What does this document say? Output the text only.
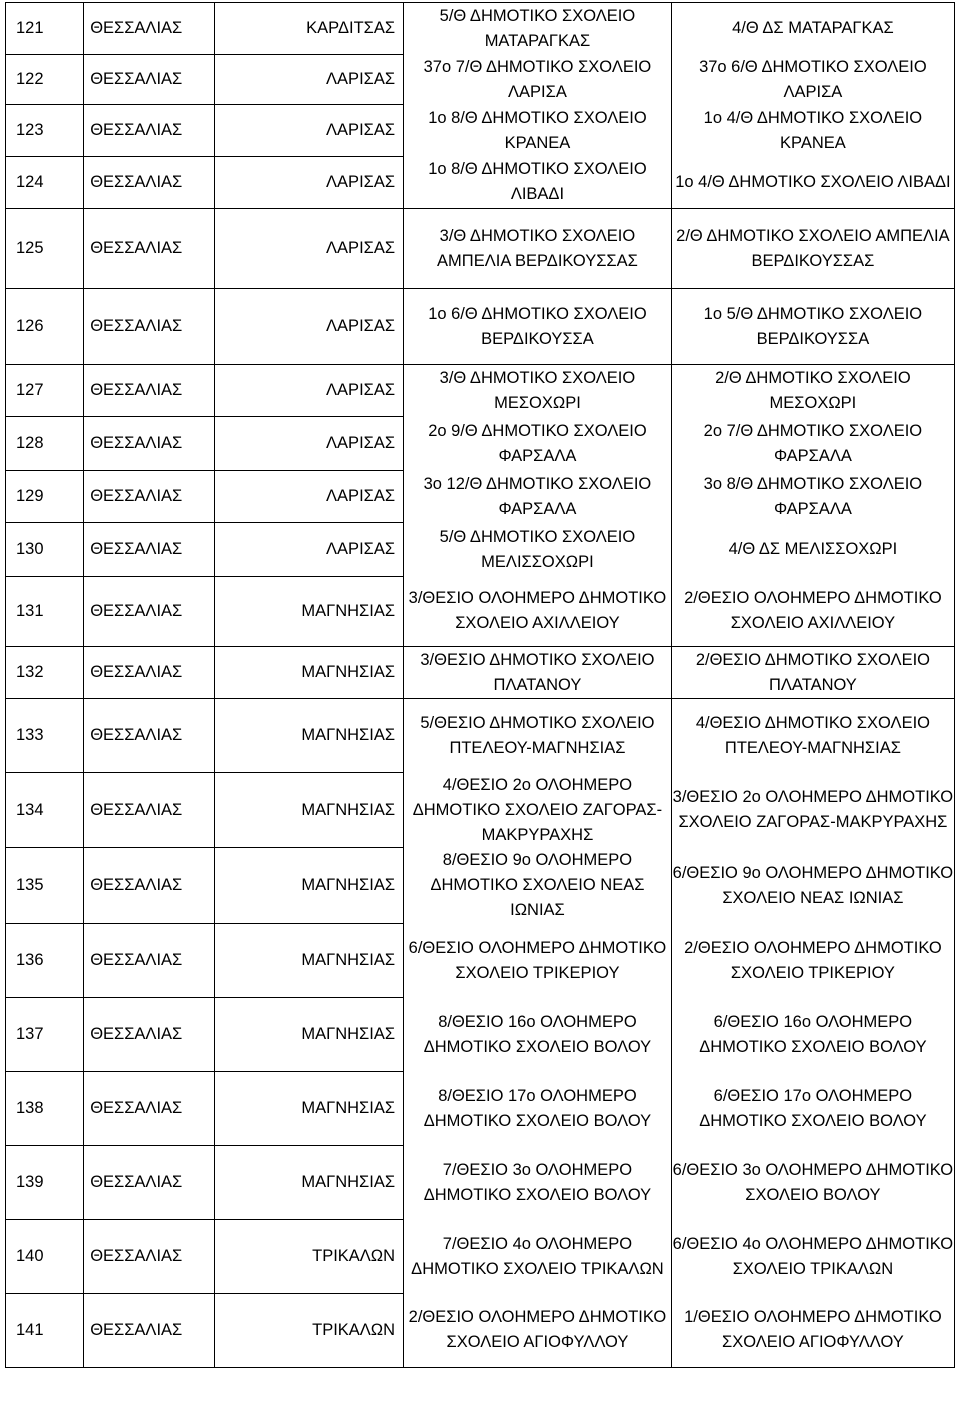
121	ΘΕΣΣΑΛΙΑΣ	ΚΑΡΔΙΤΣΑΣ	5/Θ ΔΗΜΟΤΙΚΟ ΣΧΟΛΕΙΟ ΜΑΤΑΡΑΓΚΑΣ	4/Θ ΔΣ ΜΑΤΑΡΑΓΚΑΣ
122	ΘΕΣΣΑΛΙΑΣ	ΛΑΡΙΣΑΣ	37ο 7/Θ ΔΗΜΟΤΙΚΟ ΣΧΟΛΕΙΟ ΛΑΡΙΣΑ	37ο 6/Θ ΔΗΜΟΤΙΚΟ ΣΧΟΛΕΙΟ ΛΑΡΙΣΑ
123	ΘΕΣΣΑΛΙΑΣ	ΛΑΡΙΣΑΣ	1ο 8/Θ ΔΗΜΟΤΙΚΟ ΣΧΟΛΕΙΟ ΚΡΑΝΕΑ	1ο 4/Θ ΔΗΜΟΤΙΚΟ ΣΧΟΛΕΙΟ ΚΡΑΝΕΑ
124	ΘΕΣΣΑΛΙΑΣ	ΛΑΡΙΣΑΣ	1ο 8/Θ ΔΗΜΟΤΙΚΟ ΣΧΟΛΕΙΟ ΛΙΒΑΔΙ	1ο 4/Θ ΔΗΜΟΤΙΚΟ ΣΧΟΛΕΙΟ ΛΙΒΑΔΙ
125	ΘΕΣΣΑΛΙΑΣ	ΛΑΡΙΣΑΣ	3/Θ ΔΗΜΟΤΙΚΟ ΣΧΟΛΕΙΟ ΑΜΠΕΛΙΑ ΒΕΡΔΙΚΟΥΣΣΑΣ	2/Θ ΔΗΜΟΤΙΚΟ ΣΧΟΛΕΙΟ ΑΜΠΕΛΙΑ ΒΕΡΔΙΚΟΥΣΣΑΣ
126	ΘΕΣΣΑΛΙΑΣ	ΛΑΡΙΣΑΣ	1ο 6/Θ ΔΗΜΟΤΙΚΟ ΣΧΟΛΕΙΟ ΒΕΡΔΙΚΟΥΣΣΑ	1ο 5/Θ ΔΗΜΟΤΙΚΟ ΣΧΟΛΕΙΟ ΒΕΡΔΙΚΟΥΣΣΑ
127	ΘΕΣΣΑΛΙΑΣ	ΛΑΡΙΣΑΣ	3/Θ ΔΗΜΟΤΙΚΟ ΣΧΟΛΕΙΟ ΜΕΣΟΧΩΡΙ	2/Θ ΔΗΜΟΤΙΚΟ ΣΧΟΛΕΙΟ ΜΕΣΟΧΩΡΙ
128	ΘΕΣΣΑΛΙΑΣ	ΛΑΡΙΣΑΣ	2ο 9/Θ ΔΗΜΟΤΙΚΟ ΣΧΟΛΕΙΟ ΦΑΡΣΑΛΑ	2ο 7/Θ ΔΗΜΟΤΙΚΟ ΣΧΟΛΕΙΟ ΦΑΡΣΑΛΑ
129	ΘΕΣΣΑΛΙΑΣ	ΛΑΡΙΣΑΣ	3ο 12/Θ ΔΗΜΟΤΙΚΟ ΣΧΟΛΕΙΟ ΦΑΡΣΑΛΑ	3ο 8/Θ ΔΗΜΟΤΙΚΟ ΣΧΟΛΕΙΟ ΦΑΡΣΑΛΑ
130	ΘΕΣΣΑΛΙΑΣ	ΛΑΡΙΣΑΣ	5/Θ ΔΗΜΟΤΙΚΟ ΣΧΟΛΕΙΟ ΜΕΛΙΣΣΟΧΩΡΙ	4/Θ ΔΣ ΜΕΛΙΣΣΟΧΩΡΙ
131	ΘΕΣΣΑΛΙΑΣ	ΜΑΓΝΗΣΙΑΣ	3/ΘΕΣΙΟ ΟΛΟΗΜΕΡΟ ΔΗΜΟΤΙΚΟ ΣΧΟΛΕΙΟ ΑΧΙΛΛΕΙΟΥ	2/ΘΕΣΙΟ ΟΛΟΗΜΕΡΟ ΔΗΜΟΤΙΚΟ ΣΧΟΛΕΙΟ ΑΧΙΛΛΕΙΟΥ
132	ΘΕΣΣΑΛΙΑΣ	ΜΑΓΝΗΣΙΑΣ	3/ΘΕΣΙΟ ΔΗΜΟΤΙΚΟ ΣΧΟΛΕΙΟ ΠΛΑΤΑΝΟΥ	2/ΘΕΣΙΟ ΔΗΜΟΤΙΚΟ ΣΧΟΛΕΙΟ ΠΛΑΤΑΝΟΥ
133	ΘΕΣΣΑΛΙΑΣ	ΜΑΓΝΗΣΙΑΣ	5/ΘΕΣΙΟ ΔΗΜΟΤΙΚΟ ΣΧΟΛΕΙΟ ΠΤΕΛΕΟΥ-ΜΑΓΝΗΣΙΑΣ	4/ΘΕΣΙΟ ΔΗΜΟΤΙΚΟ ΣΧΟΛΕΙΟ ΠΤΕΛΕΟΥ-ΜΑΓΝΗΣΙΑΣ
134	ΘΕΣΣΑΛΙΑΣ	ΜΑΓΝΗΣΙΑΣ	4/ΘΕΣΙΟ 2ο ΟΛΟΗΜΕΡΟ ΔΗΜΟΤΙΚΟ ΣΧΟΛΕΙΟ ΖΑΓΟΡΑΣ-ΜΑΚΡΥΡΑΧΗΣ	3/ΘΕΣΙΟ 2ο ΟΛΟΗΜΕΡΟ ΔΗΜΟΤΙΚΟ ΣΧΟΛΕΙΟ ΖΑΓΟΡΑΣ-ΜΑΚΡΥΡΑΧΗΣ
135	ΘΕΣΣΑΛΙΑΣ	ΜΑΓΝΗΣΙΑΣ	8/ΘΕΣΙΟ 9ο ΟΛΟΗΜΕΡΟ ΔΗΜΟΤΙΚΟ ΣΧΟΛΕΙΟ ΝΕΑΣ ΙΩΝΙΑΣ	6/ΘΕΣΙΟ 9ο ΟΛΟΗΜΕΡΟ ΔΗΜΟΤΙΚΟ ΣΧΟΛΕΙΟ ΝΕΑΣ ΙΩΝΙΑΣ
136	ΘΕΣΣΑΛΙΑΣ	ΜΑΓΝΗΣΙΑΣ	6/ΘΕΣΙΟ ΟΛΟΗΜΕΡΟ ΔΗΜΟΤΙΚΟ ΣΧΟΛΕΙΟ ΤΡΙΚΕΡΙΟΥ	2/ΘΕΣΙΟ ΟΛΟΗΜΕΡΟ ΔΗΜΟΤΙΚΟ ΣΧΟΛΕΙΟ ΤΡΙΚΕΡΙΟΥ
137	ΘΕΣΣΑΛΙΑΣ	ΜΑΓΝΗΣΙΑΣ	8/ΘΕΣΙΟ 16ο ΟΛΟΗΜΕΡΟ ΔΗΜΟΤΙΚΟ ΣΧΟΛΕΙΟ ΒΟΛΟΥ	6/ΘΕΣΙΟ 16ο ΟΛΟΗΜΕΡΟ ΔΗΜΟΤΙΚΟ ΣΧΟΛΕΙΟ ΒΟΛΟΥ
138	ΘΕΣΣΑΛΙΑΣ	ΜΑΓΝΗΣΙΑΣ	8/ΘΕΣΙΟ 17ο ΟΛΟΗΜΕΡΟ ΔΗΜΟΤΙΚΟ ΣΧΟΛΕΙΟ ΒΟΛΟΥ	6/ΘΕΣΙΟ 17ο ΟΛΟΗΜΕΡΟ ΔΗΜΟΤΙΚΟ ΣΧΟΛΕΙΟ ΒΟΛΟΥ
139	ΘΕΣΣΑΛΙΑΣ	ΜΑΓΝΗΣΙΑΣ	7/ΘΕΣΙΟ 3ο ΟΛΟΗΜΕΡΟ ΔΗΜΟΤΙΚΟ ΣΧΟΛΕΙΟ ΒΟΛΟΥ	6/ΘΕΣΙΟ 3ο ΟΛΟΗΜΕΡΟ ΔΗΜΟΤΙΚΟ ΣΧΟΛΕΙΟ ΒΟΛΟΥ
140	ΘΕΣΣΑΛΙΑΣ	ΤΡΙΚΑΛΩΝ	7/ΘΕΣΙΟ 4ο ΟΛΟΗΜΕΡΟ ΔΗΜΟΤΙΚΟ ΣΧΟΛΕΙΟ ΤΡΙΚΑΛΩΝ	6/ΘΕΣΙΟ 4ο ΟΛΟΗΜΕΡΟ ΔΗΜΟΤΙΚΟ ΣΧΟΛΕΙΟ ΤΡΙΚΑΛΩΝ
141	ΘΕΣΣΑΛΙΑΣ	ΤΡΙΚΑΛΩΝ	2/ΘΕΣΙΟ ΟΛΟΗΜΕΡΟ ΔΗΜΟΤΙΚΟ ΣΧΟΛΕΙΟ ΑΓΙΟΦΥΛΛΟΥ	1/ΘΕΣΙΟ ΟΛΟΗΜΕΡΟ ΔΗΜΟΤΙΚΟ ΣΧΟΛΕΙΟ ΑΓΙΟΦΥΛΛΟΥ
